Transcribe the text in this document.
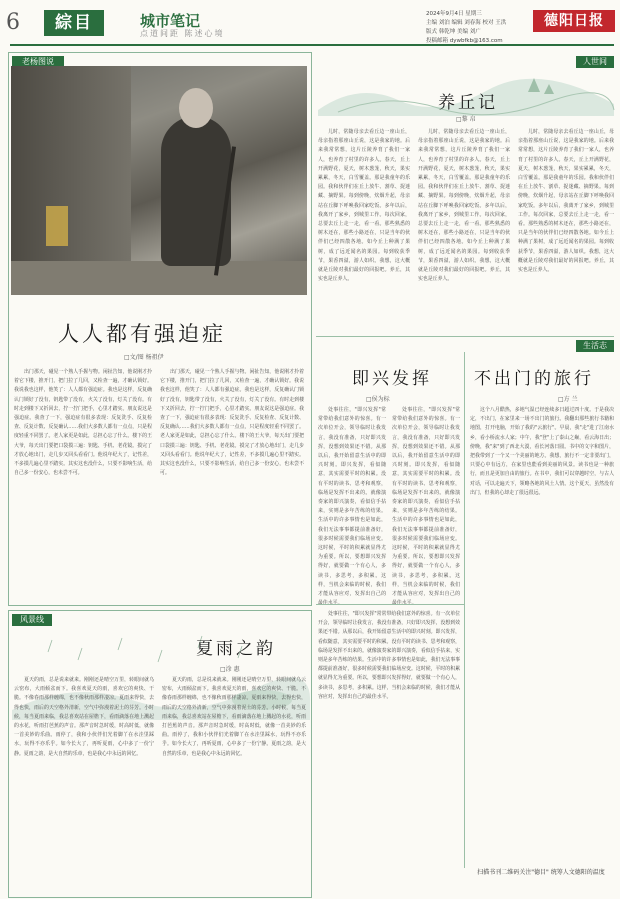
6	綜目	城市笔记
点道间距 陈述心境
2024年9月4日 星期三
主编 刘泊 编辑 刘春海 校对 王洪
版式 韩乾坤 美编 刘广
投稿邮箱 dywbfkb@163.com
德阳日报
老杨图说
人人都有强迫症
□文/图 杨祖伊
出门那天，碰见一个熟人手握与物。闲扯告知，他说刚才拎着它下楼，推开门，把门拉了几回，又检查一遍，才确认锁好。我说我也这样，他笑了：人人都有强迫症。我也是这样，反复确认门锁好了没有，钥匙带了没有，火关了没有，灯关了没有。有时走到楼下又折回去，拧一拧门把手，心里才踏实。朋友说这是强迫症。我查了一下，强迫症有很多表现：反复洗手、反复检查、反复计数、反复确认……我们大多数人都有一点点，只是程度轻重不同罢了。老人家更是如此，总担心忘了什么。楼下的王大爷，每天出门要把口袋摸三遍：钥匙、手机、老花镜。摸完了才放心地出门，走几步又回头看看门。他说年纪大了，记性差，不多摸几遍心里不踏实。其实这也没什么，只要不影响生活，给自己多一份安心，也未尝不可。
出门那天，碰见一个熟人手握与物。闲扯告知，他说刚才拎着它下楼，推开门，把门拉了几回，又检查一遍，才确认锁好。我说我也这样，他笑了：人人都有强迫症。我也是这样，反复确认门锁好了没有，钥匙带了没有，火关了没有，灯关了没有。有时走到楼下又折回去，拧一拧门把手，心里才踏实。朋友说这是强迫症。我查了一下，强迫症有很多表现：反复洗手、反复检查、反复计数、反复确认……我们大多数人都有一点点，只是程度轻重不同罢了。老人家更是如此，总担心忘了什么。楼下的王大爷，每天出门要把口袋摸三遍：钥匙、手机、老花镜。摸完了才放心地出门，走几步又回头看看门。他说年纪大了，记性差，不多摸几遍心里不踏实。其实这也没什么，只要不影响生活，给自己多一份安心，也未尝不可。
人世间
养丘记
□黎 帛
儿时，常随母亲去看丘边一座山丘，母亲指着那座山丘说，这是我家的地。后来我常常想，这片丘陵养育了我们一家人，也养育了村里的许多人。春天，丘上开满野花，夏天，树木葱茏，秋天，果实累累，冬天，白雪覆盖。那是我童年的乐园。我和伙伴们在丘上放牛、割草、捉迷藏、摘野果。每到傍晚，炊烟升起，母亲站在丘脚下呼唤我回家吃饭。多年以后，我离开了家乡，到城里工作。每次回家，总要去丘上走一走，看一看。那些熟悉的树木还在，那些小路还在，只是当年的伙伴们已经四散各地。如今丘上种满了果树，成了远近闻名的果园。每到收获季节，果香四溢，游人如织。我想，这大概就是丘陵对我们最好的回报吧。养丘，其实也是丘养人。
儿时，常随母亲去看丘边一座山丘，母亲指着那座山丘说，这是我家的地。后来我常常想，这片丘陵养育了我们一家人，也养育了村里的许多人。春天，丘上开满野花，夏天，树木葱茏，秋天，果实累累，冬天，白雪覆盖。那是我童年的乐园。我和伙伴们在丘上放牛、割草、捉迷藏、摘野果。每到傍晚，炊烟升起，母亲站在丘脚下呼唤我回家吃饭。多年以后，我离开了家乡，到城里工作。每次回家，总要去丘上走一走，看一看。那些熟悉的树木还在，那些小路还在，只是当年的伙伴们已经四散各地。如今丘上种满了果树，成了远近闻名的果园。每到收获季节，果香四溢，游人如织。我想，这大概就是丘陵对我们最好的回报吧。养丘，其实也是丘养人。
儿时，常随母亲去看丘边一座山丘，母亲指着那座山丘说，这是我家的地。后来我常常想，这片丘陵养育了我们一家人，也养育了村里的许多人。春天，丘上开满野花，夏天，树木葱茏，秋天，果实累累，冬天，白雪覆盖。那是我童年的乐园。我和伙伴们在丘上放牛、割草、捉迷藏、摘野果。每到傍晚，炊烟升起，母亲站在丘脚下呼唤我回家吃饭。多年以后，我离开了家乡，到城里工作。每次回家，总要去丘上走一走，看一看。那些熟悉的树木还在，那些小路还在，只是当年的伙伴们已经四散各地。如今丘上种满了果树，成了远近闻名的果园。每到收获季节，果香四溢，游人如织。我想，这大概就是丘陵对我们最好的回报吧。养丘，其实也是丘养人。
生活志
即兴发挥
□侯为标
处事往往，"即兴发挥"常常带给我们意外的惊喜。有一次单位开会，领导临时让我发言，我没有准备，只好即兴发挥，没想到效果还不错。从那以后，我开始留意生活中的即兴时刻。即兴发挥，看似随意，其实需要平时的积累。没有平时的读书、思考和观察，临场是发挥不出来的。就像演奏家的即兴演奏，看似信手拈来，实则是多年苦练的结果。生活中的许多事情也是如此，我们无法事事都提前准备好，很多时候需要我们临场应变。这时候，平时的积累就显得尤为重要。所以，要想即兴发挥得好，就要做一个有心人，多读书，多思考，多积累。这样，当机会来临的时候，我们才能从容应对，发挥出自己的
处事往往，"即兴发挥"常常带给我们意外的惊喜。有一次单位开会，领导临时让我发言，我没有准备，只好即兴发挥，没想到效果还不错。从那以后，我开始留意生活中的即兴时刻。即兴发挥，看似随意，其实需要平时的积累。没有平时的读书、思考和观察，临场是发挥不出来的。就像演奏家的即兴演奏，看似信手拈来，实则是多年苦练的结果。生活中的许多事情也是如此，我们无法事事都提前准备好，很多时候需要我们临场应变。这时候，平时的积累就显得尤为重要。所以，要想即兴发挥得好，就要做一个有心人，多读书，多思考，多积累。这样，当机会来临的时候，我们才能从容应对，发挥出自己的
不出门的旅行
□方 兰
这个八月酷热，多地气温已经连续多日超过四十度。于是我决定，不出门，在家里来一场不出门的旅行。我翻出那些旅行书籍和地图，打开电脑，开始了我的"云旅行"。早晨，我"走"进了江南水乡，看小桥流水人家；中午，我"登"上了泰山之巅，看云海日出；傍晚，我"来"到了西北大漠，看长河落日圆。书中的文字和图片，把我带到了一个又一个美丽的地方。我想，旅行不一定非要出门，只要心中有远方，在家里也能看到美丽的风景。读书也是一种旅行，而且是更加自由的旅行。在书中，我们可以穿越时空，与古人对话，可以走遍天下，领略各地的风土人情。这个夏天，虽然没有出门，但我的心却走了很远很远。
风景线
夏雨之韵
□涂 惠
夏天的雨，总是说来就来。刚刚还是晴空万里，转眼间就乌云密布，大雨倾盆而下。我喜欢夏天的雨，喜欢它的爽快、干脆。不像春雨那样缠绵，也不像秋雨那样凄凉。夏雨来得快，去得也快，雨后的天空格外清新，空气中弥漫着泥土的芬芳。小时候，每当夏雨来临，我总喜欢站在屋檐下，看雨滴落在地上溅起的水花，听雨打芭蕉的声音。那声音时急时缓，时高时低，就像一首美妙的乐曲。雨停了，我和小伙伴们光着脚丫在水洼里踩水，玩得不亦乐乎。如今长大了，再听夏雨，心中多了一份宁静。夏雨之韵，是大自然的乐章，也是我心中永远的回忆。
夏天的雨，总是说来就来。刚刚还是晴空万里，转眼间就乌云密布，大雨倾盆而下。我喜欢夏天的雨，喜欢它的爽快、干脆。不像春雨那样缠绵，也不像秋雨那样凄凉。夏雨来得快，去得也快，雨后的天空格外清新，空气中弥漫着泥土的芬芳。小时候，每当夏雨来临，我总喜欢站在屋檐下，看雨滴落在地上溅起的水花，听雨打芭蕉的声音。那声音时急时缓，时高时低，就像一首美妙的乐曲。雨停了，我和小伙伴们光着脚丫在水洼里踩水，玩得不亦乐乎。如今长大了，再听夏雨，心中多了一份宁静。夏雨之韵，是大自然的乐章，也是我心中永远的回忆。
处事往往，"即兴发挥"常常带给我们意外的惊喜。有一次单位开会，领导临时让我发言，我没有准备，只好即兴发挥，没想到效果还不错。从那以后，我开始留意生活中的即兴时刻。即兴发挥，看似随意，其实需要平时的积累。没有平时的读书、思考和观察，临场是发挥不出来的。就像演奏家的即兴演奏，看似信手拈来，实则是多年苦练的结果。生活中的许多事情也是如此，我们无法事事都提前准备好，很多时候需要我们临场应变。这时候，平时的积累就显得尤为重要。所以，要想即兴发挥得好，就要做一个有心人，多读书，多思考，多积累。这样，当机会来临的时候，我们才能从容应对，发挥出自己的最佳水平。
扫描书刊二维码关注"德目" 统筹人文德阳的温度
